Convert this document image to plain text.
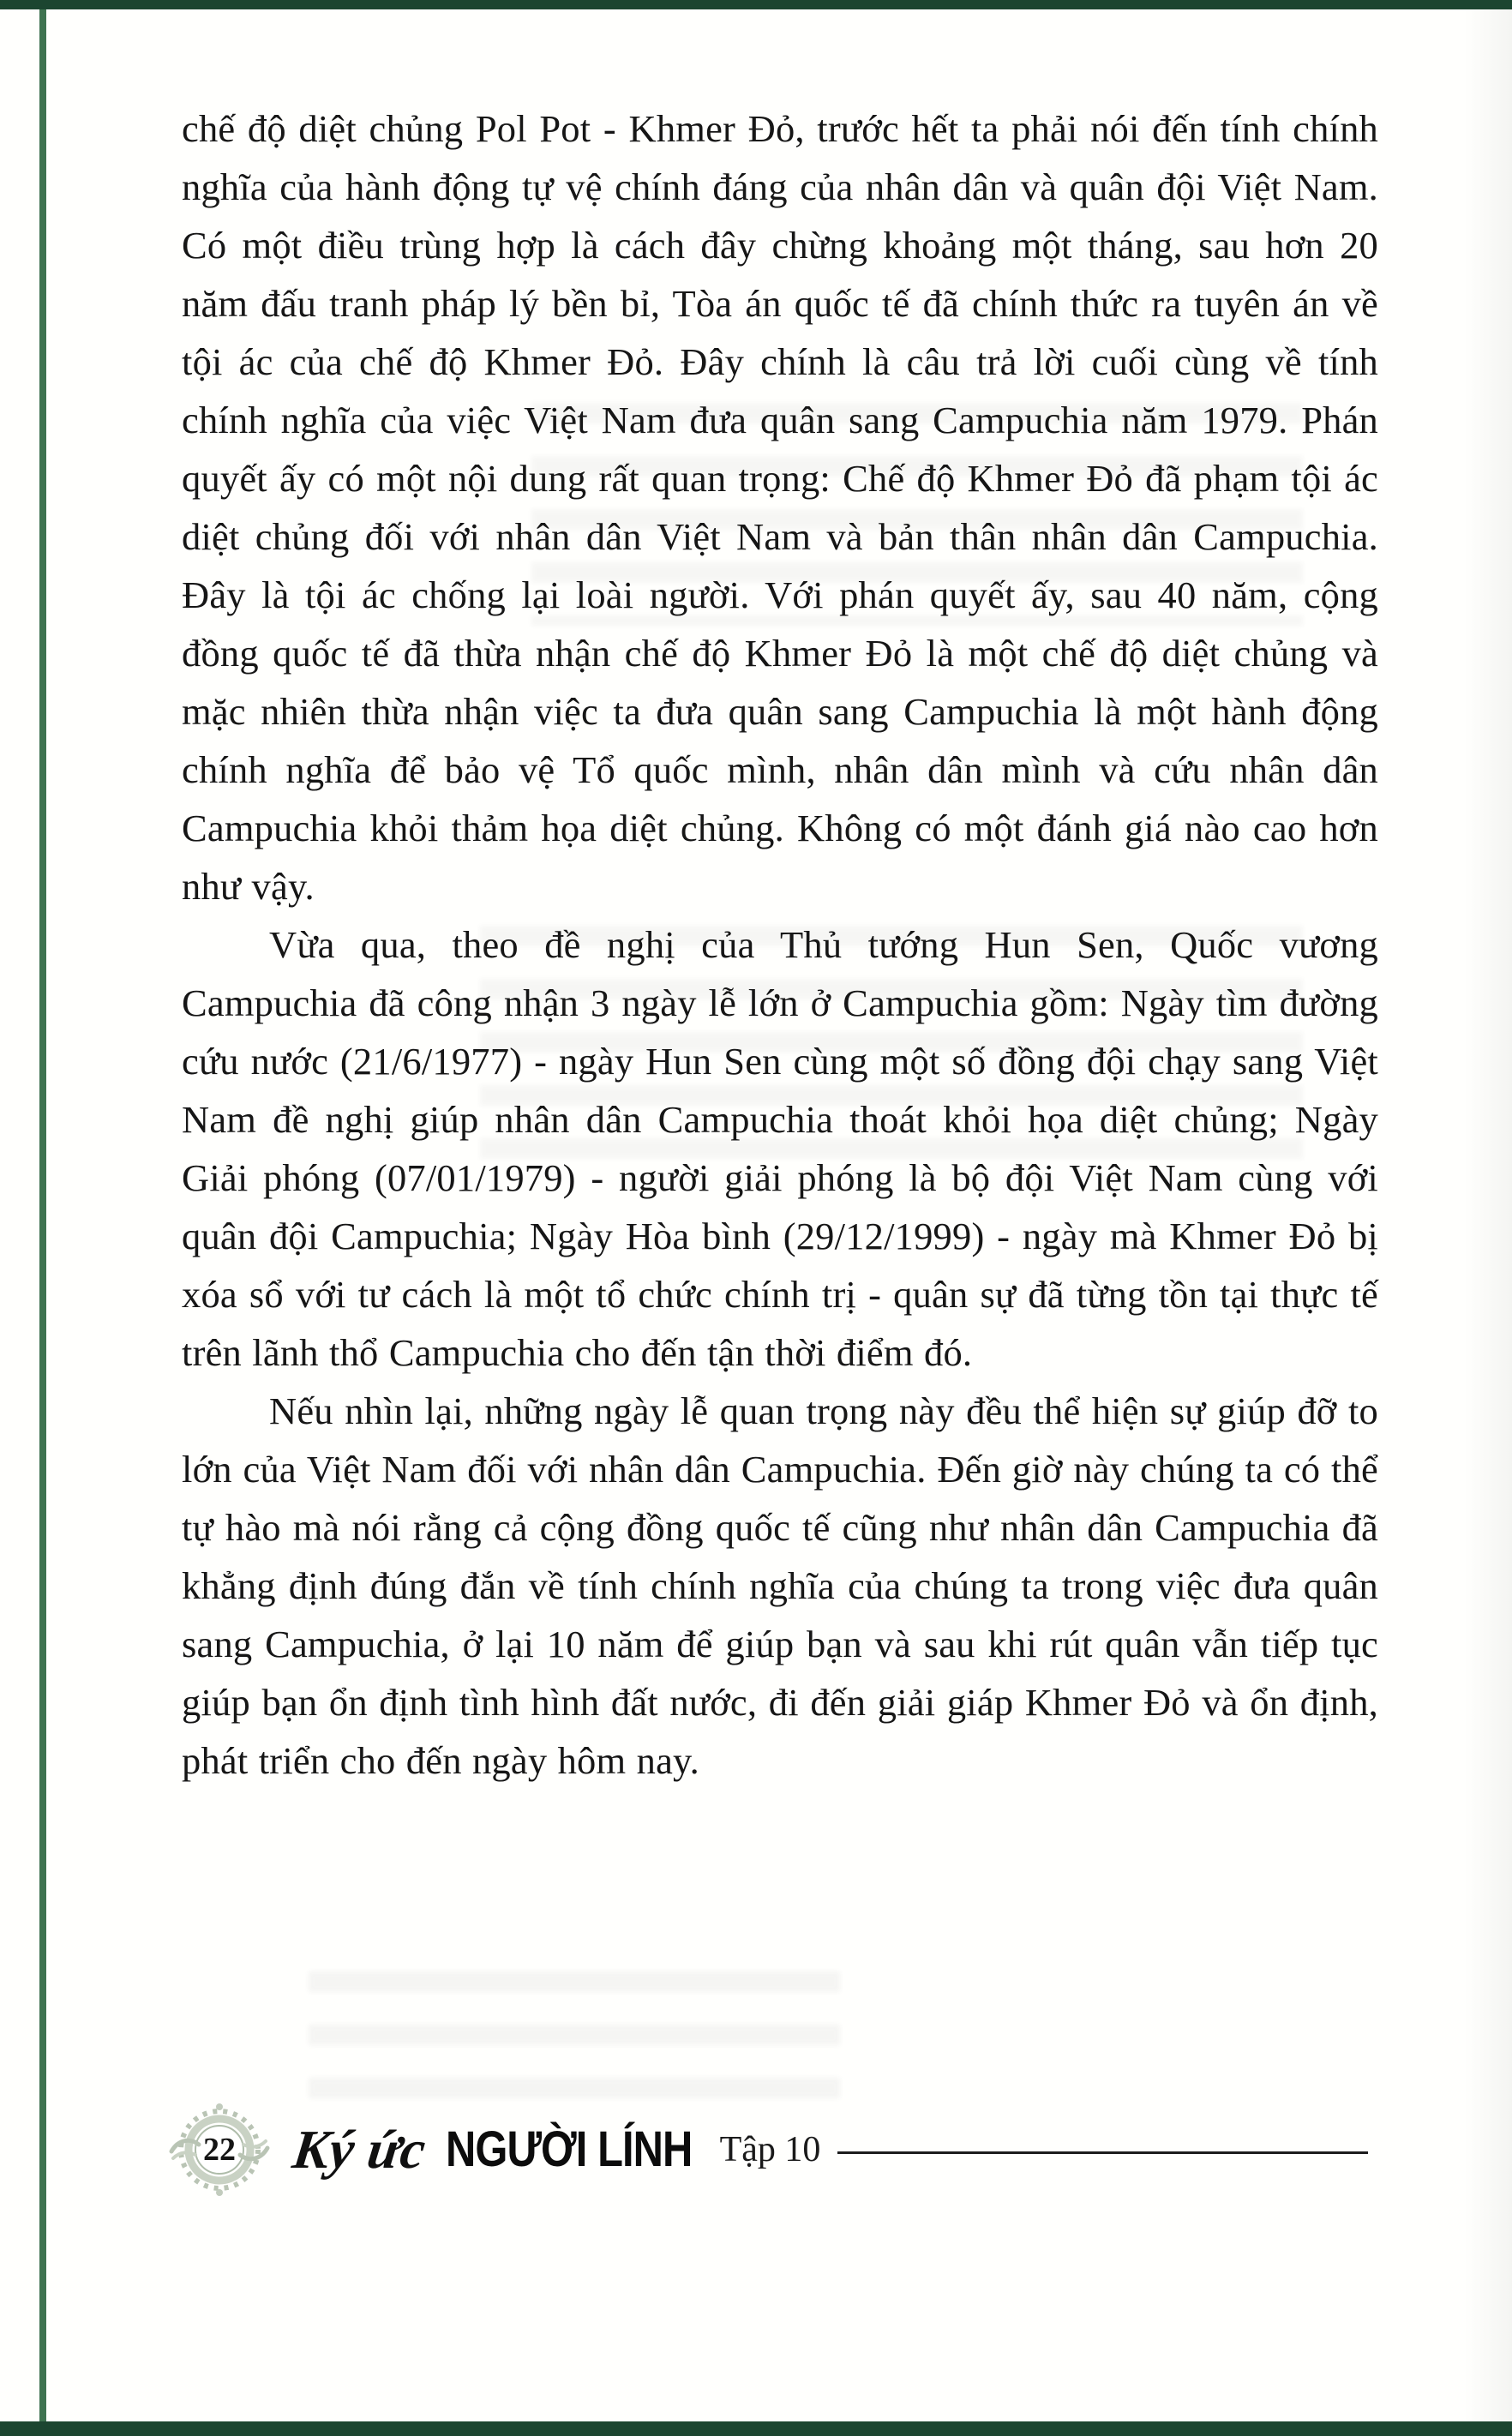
chế độ diệt chủng Pol Pot - Khmer Đỏ, trước hết ta phải nói đến tính chính nghĩa của hành động tự vệ chính đáng của nhân dân và quân đội Việt Nam. Có một điều trùng hợp là cách đây chừng khoảng một tháng, sau hơn 20 năm đấu tranh pháp lý bền bỉ, Tòa án quốc tế đã chính thức ra tuyên án về tội ác của chế độ Khmer Đỏ. Đây chính là câu trả lời cuối cùng về tính chính nghĩa của việc Việt Nam đưa quân sang Campuchia năm 1979. Phán quyết ấy có một nội dung rất quan trọng: Chế độ Khmer Đỏ đã phạm tội ác diệt chủng đối với nhân dân Việt Nam và bản thân nhân dân Campuchia. Đây là tội ác chống lại loài người. Với phán quyết ấy, sau 40 năm, cộng đồng quốc tế đã thừa nhận chế độ Khmer Đỏ là một chế độ diệt chủng và mặc nhiên thừa nhận việc ta đưa quân sang Campuchia là một hành động chính nghĩa để bảo vệ Tổ quốc mình, nhân dân mình và cứu nhân dân Campuchia khỏi thảm họa diệt chủng. Không có một đánh giá nào cao hơn như vậy.

Vừa qua, theo đề nghị của Thủ tướng Hun Sen, Quốc vương Campuchia đã công nhận 3 ngày lễ lớn ở Campuchia gồm: Ngày tìm đường cứu nước (21/6/1977) - ngày Hun Sen cùng một số đồng đội chạy sang Việt Nam đề nghị giúp nhân dân Campuchia thoát khỏi họa diệt chủng; Ngày Giải phóng (07/01/1979) - người giải phóng là bộ đội Việt Nam cùng với quân đội Campuchia; Ngày Hòa bình (29/12/1999) - ngày mà Khmer Đỏ bị xóa sổ với tư cách là một tổ chức chính trị - quân sự đã từng tồn tại thực tế trên lãnh thổ Campuchia cho đến tận thời điểm đó.

Nếu nhìn lại, những ngày lễ quan trọng này đều thể hiện sự giúp đỡ to lớn của Việt Nam đối với nhân dân Campuchia. Đến giờ này chúng ta có thể tự hào mà nói rằng cả cộng đồng quốc tế cũng như nhân dân Campuchia đã khẳng định đúng đắn về tính chính nghĩa của chúng ta trong việc đưa quân sang Campuchia, ở lại 10 năm để giúp bạn và sau khi rút quân vẫn tiếp tục giúp bạn ổn định tình hình đất nước, đi đến giải giáp Khmer Đỏ và ổn định, phát triển cho đến ngày hôm nay.

22 Ký ức NGƯỜI LÍNH Tập 10
